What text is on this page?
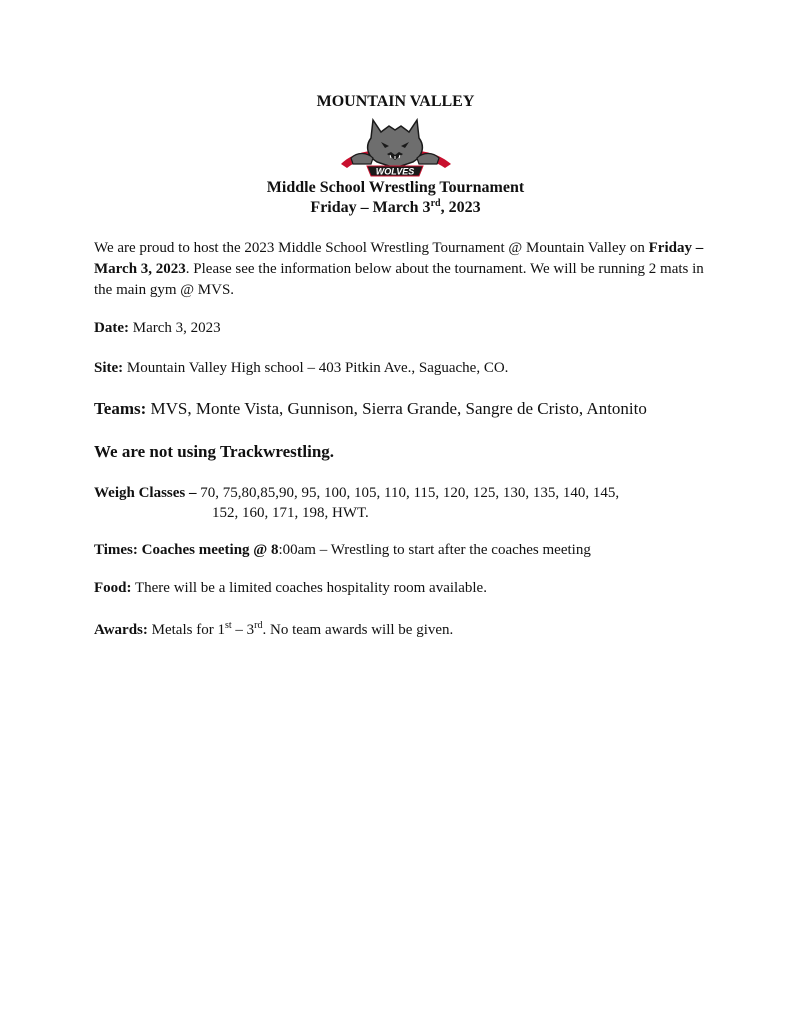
MOUNTAIN VALLEY
WOLVES
Middle School Wrestling Tournament
Friday – March 3rd, 2023
We are proud to host the 2023 Middle School Wrestling Tournament @ Mountain Valley on Friday – March 3, 2023. Please see the information below about the tournament. We will be running 2 mats in the main gym @ MVS.
Date: March 3, 2023
Site: Mountain Valley High school – 403 Pitkin Ave., Saguache, CO.
Teams: MVS, Monte Vista, Gunnison, Sierra Grande, Sangre de Cristo, Antonito
We are not using Trackwrestling.
Weigh Classes – 70, 75,80,85,90, 95, 100, 105, 110, 115, 120, 125, 130, 135, 140, 145,
152, 160, 171, 198, HWT.
Times: Coaches meeting @ 8:00am – Wrestling to start after the coaches meeting
Food: There will be a limited coaches hospitality room available.
Awards: Metals for 1st – 3rd. No team awards will be given.
